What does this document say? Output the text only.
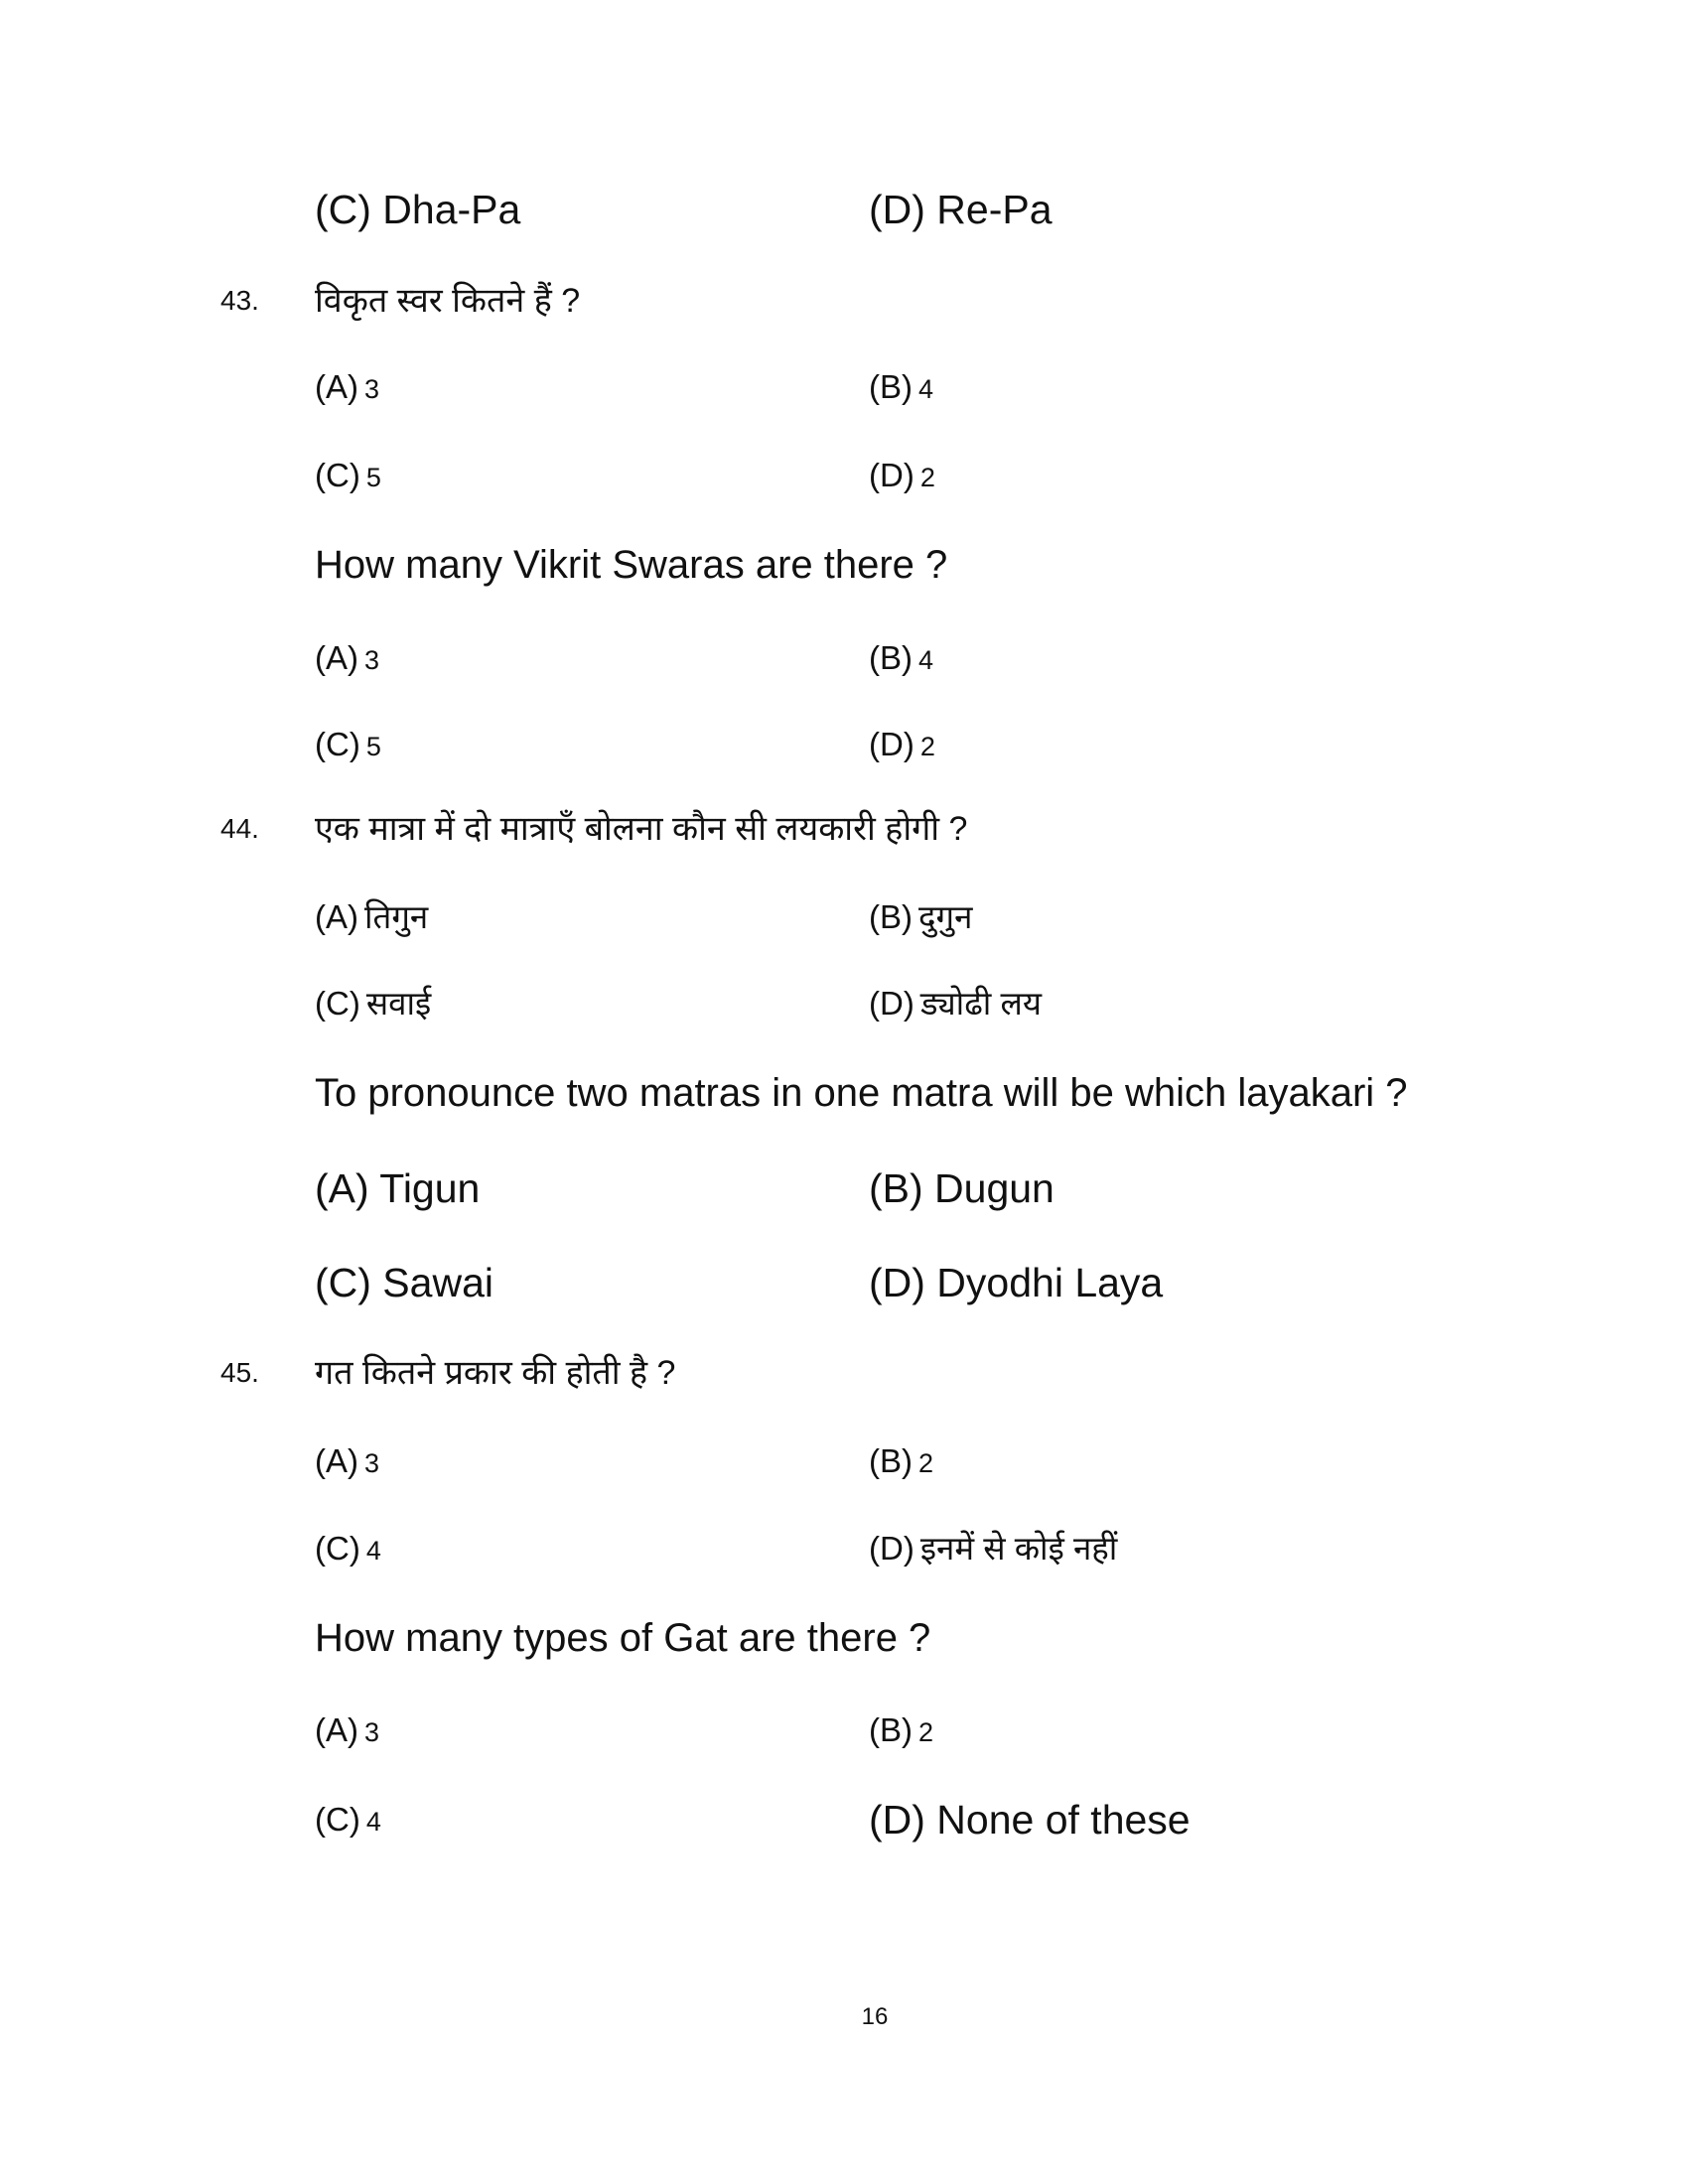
(C) Dha-Pa	(D) Re-Pa
43. विकृत स्वर कितने हैं ?
(A) 3	(B) 4
(C) 5	(D) 2
How many Vikrit Swaras are there ?
(A) 3	(B) 4
(C) 5	(D) 2
44. एक मात्रा में दो मात्राएँ बोलना कौन सी लयकारी होगी ?
(A) तिगुन	(B) दुगुन
(C) सवाई	(D) ड्योढी लय
To pronounce two matras in one matra will be which layakari ?
(A) Tigun	(B) Dugun
(C) Sawai	(D) Dyodhi Laya
45. गत कितने प्रकार की होती है ?
(A) 3	(B) 2
(C) 4	(D) इनमें से कोई नहीं
How many types of Gat are there ?
(A) 3	(B) 2
(C) 4	(D) None of these
16
